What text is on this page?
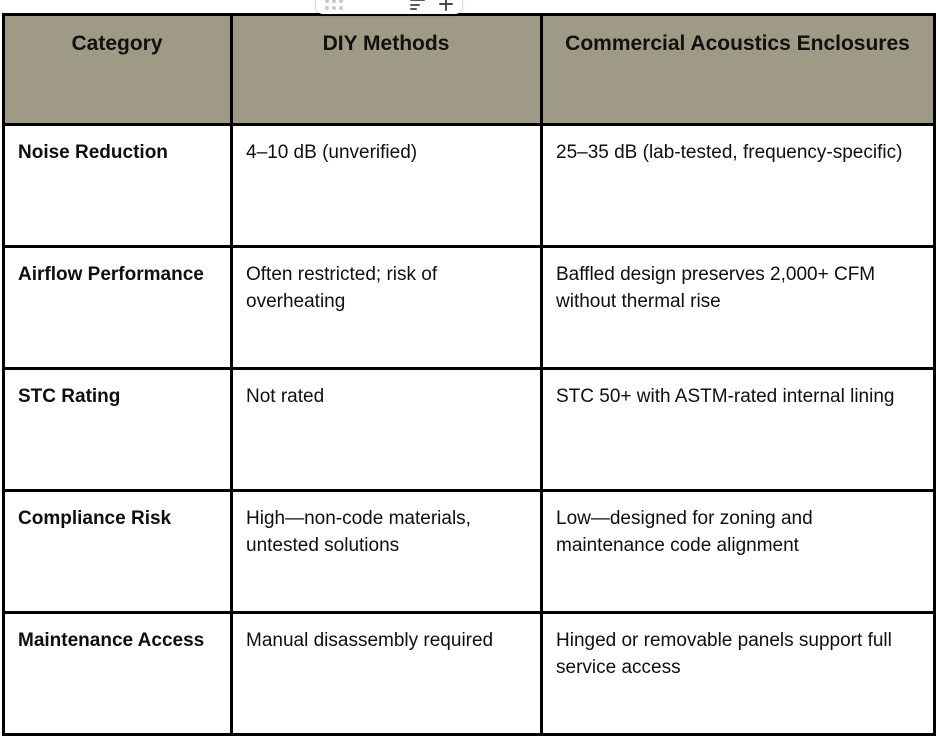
Category	DIY Methods	Commercial Acoustics Enclosures
Noise Reduction	4–10 dB (unverified)	25–35 dB (lab-tested, frequency-specific)
Airflow Performance	Often restricted; risk of overheating	Baffled design preserves 2,000+ CFM without thermal rise
STC Rating	Not rated	STC 50+ with ASTM-rated internal lining
Compliance Risk	High—non-code materials, untested solutions	Low—designed for zoning and maintenance code alignment
Maintenance Access	Manual disassembly required	Hinged or removable panels support full service access
